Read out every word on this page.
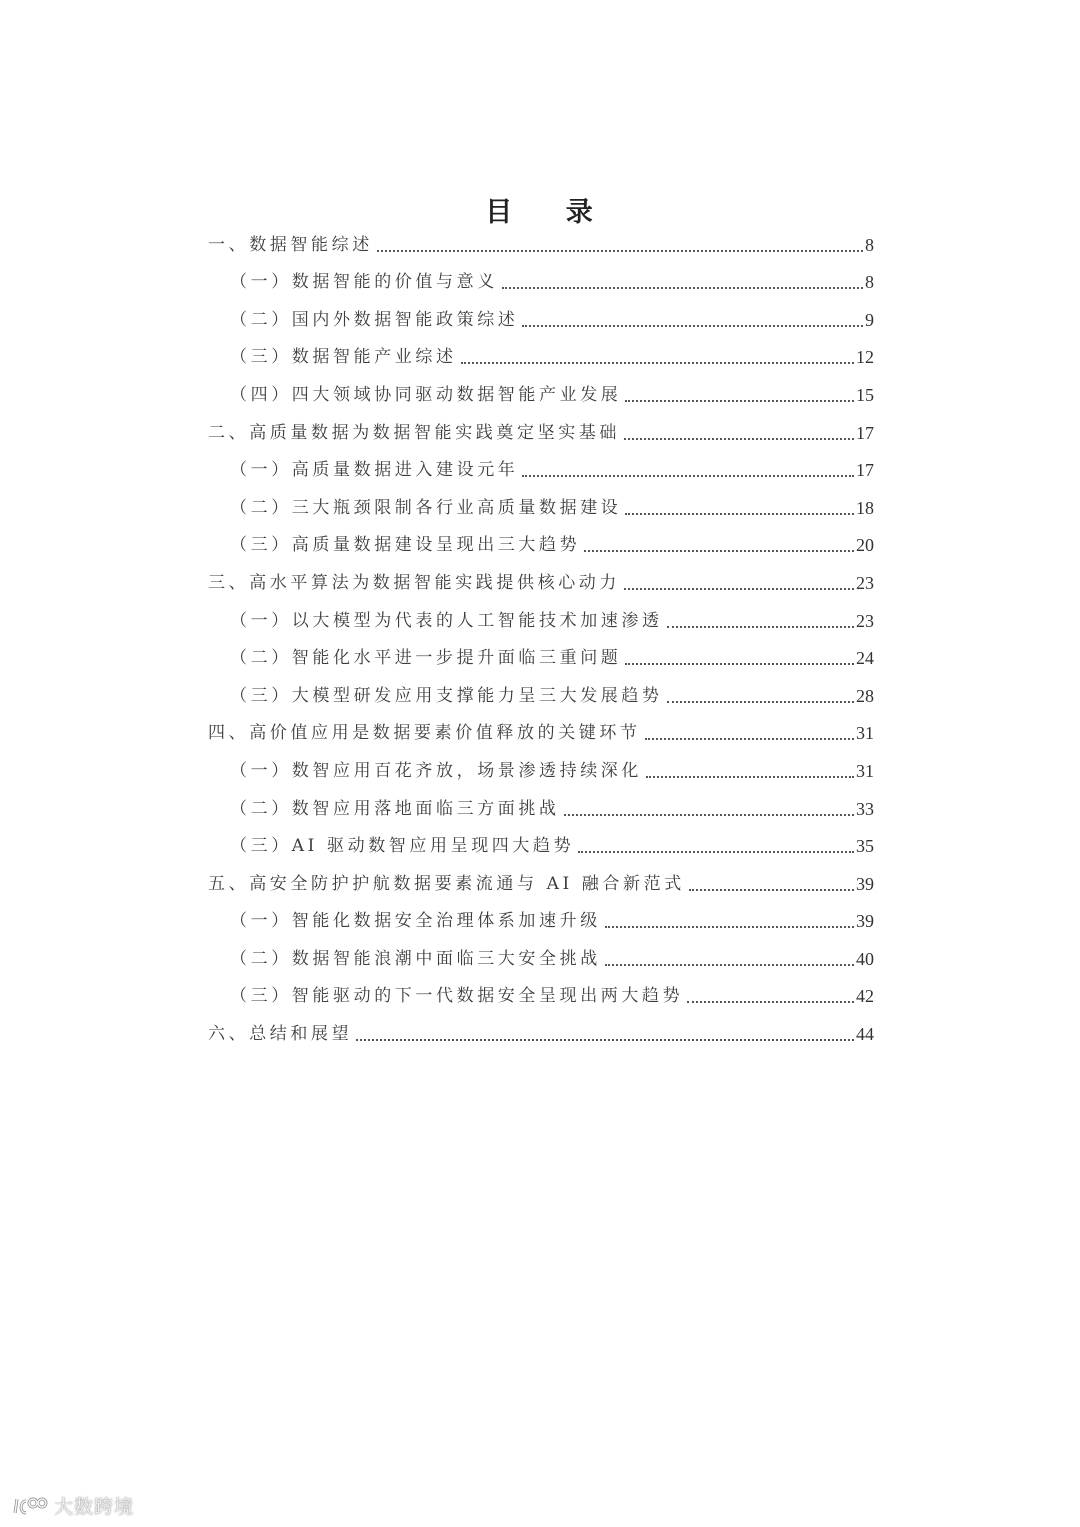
目 录
一、数据智能综述	8
（一）数据智能的价值与意义	8
（二）国内外数据智能政策综述	9
（三）数据智能产业综述	12
（四）四大领域协同驱动数据智能产业发展	15
二、高质量数据为数据智能实践奠定坚实基础	17
（一）高质量数据进入建设元年	17
（二）三大瓶颈限制各行业高质量数据建设	18
（三）高质量数据建设呈现出三大趋势	20
三、高水平算法为数据智能实践提供核心动力	23
（一）以大模型为代表的人工智能技术加速渗透	23
（二）智能化水平进一步提升面临三重问题	24
（三）大模型研发应用支撑能力呈三大发展趋势	28
四、高价值应用是数据要素价值释放的关键环节	31
（一）数智应用百花齐放，场景渗透持续深化	31
（二）数智应用落地面临三方面挑战	33
（三）AI 驱动数智应用呈现四大趋势	35
五、高安全防护护航数据要素流通与 AI 融合新范式	39
（一）智能化数据安全治理体系加速升级	39
（二）数据智能浪潮中面临三大安全挑战	40
（三）智能驱动的下一代数据安全呈现出两大趋势	42
六、总结和展望	44
大数跨境
